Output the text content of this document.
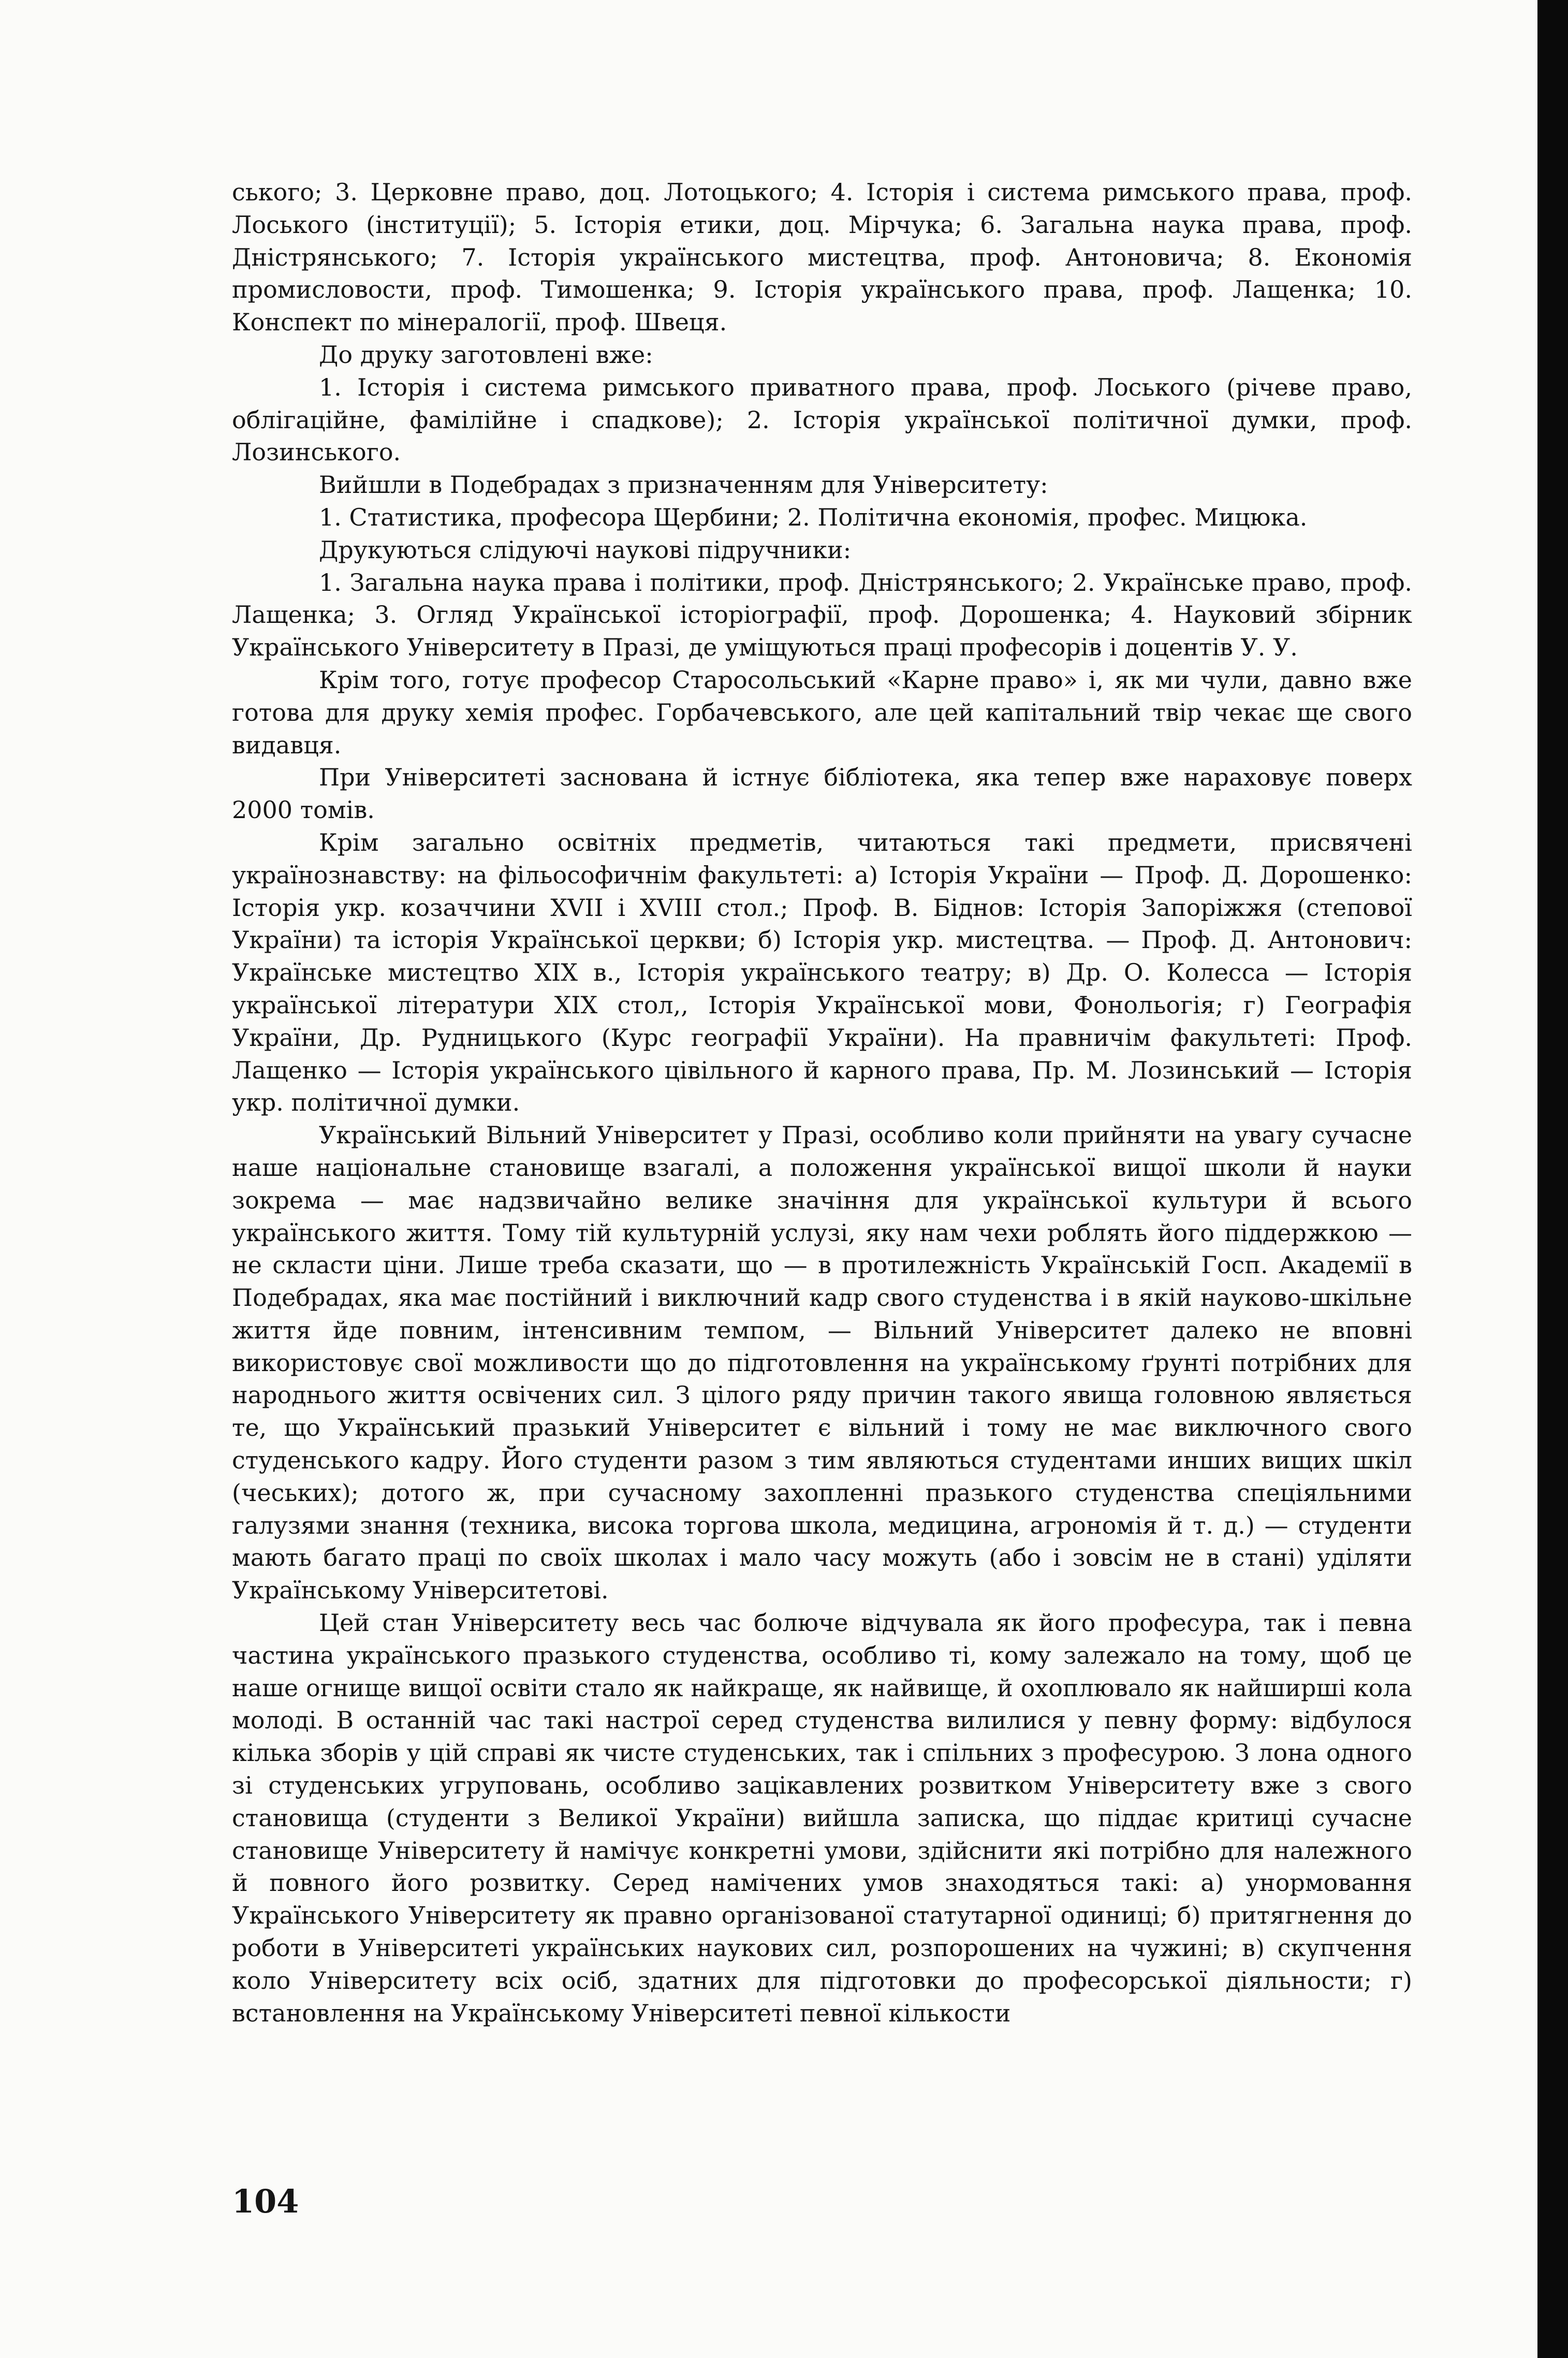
ського; 3. Церковне право, доц. Лотоцького; 4. Історія і система римського права, проф. Лоського (інституції); 5. Історія етики, доц. Мірчука; 6. Загальна наука права, проф. Дністрянського; 7. Історія українського мистецтва, проф. Антоновича; 8. Економія промисловости, проф. Тимошенка; 9. Історія українського права, проф. Лащенка; 10. Конспект по мінералогії, проф. Швеця.

До друку заготовлені вже:

1. Історія і система римського приватного права, проф. Лоського (річеве право, облігаційне, фамілійне і спадкове); 2. Історія української політичної думки, проф. Лозинського.

Вийшли в Подебрадах з призначенням для Університету:

1. Статистика, професора Щербини; 2. Політична економія, профес. Мицюка.

Друкуються слідуючі наукові підручники:

1. Загальна наука права і політики, проф. Дністрянського; 2. Українське право, проф. Лащенка; 3. Огляд Української історіографії, проф. Дорошенка; 4. Науковий збірник Українського Університету в Празі, де уміщуються праці професорів і доцентів У. У.

Крім того, готує професор Старосольський «Карне право» і, як ми чули, давно вже готова для друку хемія профес. Горбачевського, але цей капітальний твір чекає ще свого видавця.

При Університеті заснована й істнує бібліотека, яка тепер вже нараховує поверх 2000 томів.

Крім загально освітніх предметів, читаються такі предмети, присвячені українознавству: на фільософичнім факультеті: а) Історія України — Проф. Д. Дорошенко: Історія укр. козаччини XVII і XVIII стол.; Проф. В. Біднов: Історія Запоріжжя (степової України) та історія Української церкви; б) Історія укр. мистецтва. — Проф. Д. Антонович: Українське мистецтво XIX в., Історія українського театру; в) Др. О. Колесса — Історія української літератури XIX стол,, Історія Української мови, Фонольогія; г) Географія України, Др. Рудницького (Курс географії України). На правничім факультеті: Проф. Лащенко — Історія українського цівільного й карного права, Пр. М. Лозинський — Історія укр. політичної думки.

Український Вільний Університет у Празі, особливо коли прийняти на увагу сучасне наше національне становище взагалі, а положення української вищої школи й науки зокрема — має надзвичайно велике значіння для української культури й всього українського життя. Тому тій культурній услузі, яку нам чехи роблять його піддержкою — не скласти ціни. Лише треба сказати, що — в протилежність Українській Госп. Академії в Подебрадах, яка має постійний і виключний кадр свого студенства і в якій науково-шкільне життя йде повним, інтенсивним темпом, — Вільний Університет далеко не вповні використовує свої можливости що до підготовлення на українському ґрунті потрібних для народнього життя освічених сил. З цілого ряду причин такого явища головною являється те, що Український празький Університет є вільний і тому не має виключного свого студенського кадру. Його студенти разом з тим являються студентами инших вищих шкіл (чеських); дотого ж, при сучасному захопленні празького студенства спеціяльними галузями знання (техника, висока торгова школа, медицина, агрономія й т. д.) — студенти мають багато праці по своїх школах і мало часу можуть (або і зовсім не в стані) уділяти Українському Університетові.

Цей стан Університету весь час болюче відчувала як його професура, так і певна частина українського празького студенства, особливо ті, кому залежало на тому, щоб це наше огнище вищої освіти стало як найкраще, як найвище, й охоплювало як найширші кола молоді. В останній час такі настрої серед студенства вилилися у певну форму: відбулося кілька зборів у цій справі як чисте студенських, так і спільних з професурою. З лона одного зі студенських угруповань, особливо зацікавлених розвитком Університету вже з свого становища (студенти з Великої України) вийшла записка, що піддає критиці сучасне становище Університету й намічує конкретні умови, здійснити які потрібно для належного й повного його розвитку. Серед намічених умов знаходяться такі: а) унормовання Українського Університету як правно організованої статутарної одиниці; б) притягнення до роботи в Університеті українських наукових сил, розпорошених на чужині; в) скупчення коло Університету всіх осіб, здатних для підготовки до професорської діяльности; г) встановлення на Українському Університеті певної кількости

104
